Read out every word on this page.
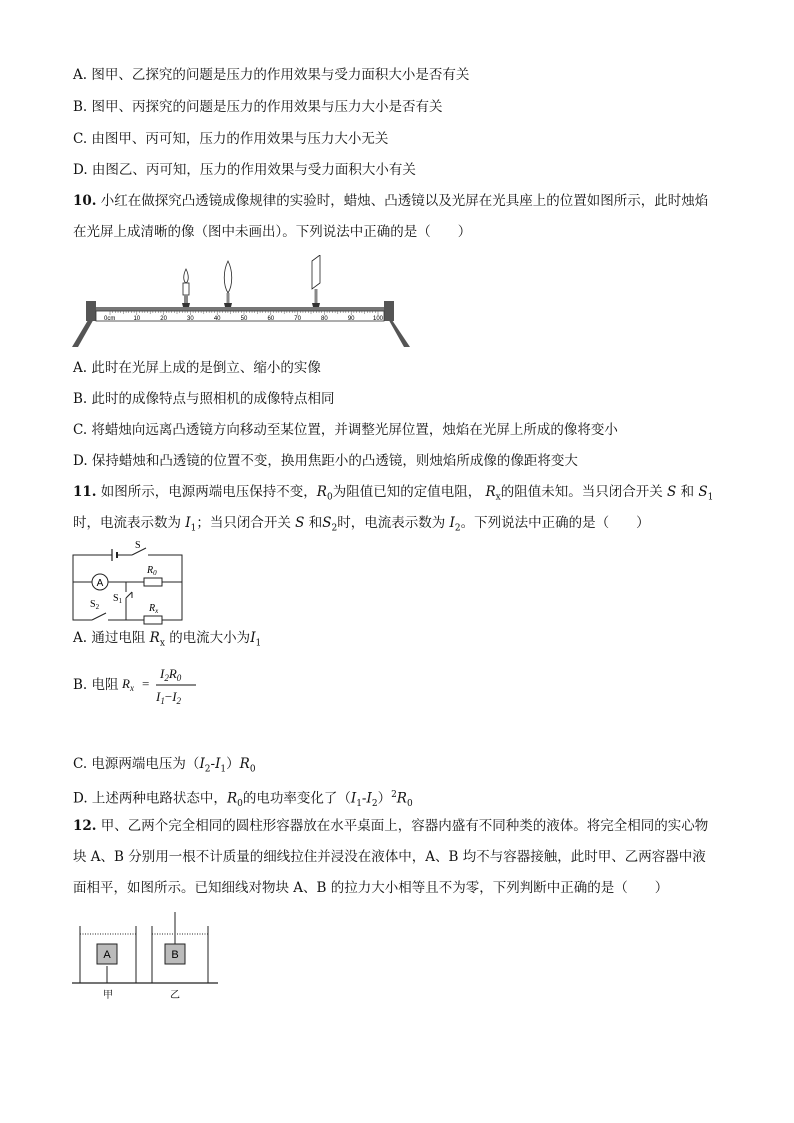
A. 图甲、乙探究的问题是压力的作用效果与受力面积大小是否有关
B. 图甲、丙探究的问题是压力的作用效果与压力大小是否有关
C. 由图甲、丙可知，压力的作用效果与压力大小无关
D. 由图乙、丙可知，压力的作用效果与受力面积大小有关
10. 小红在做探究凸透镜成像规律的实验时，蜡烛、凸透镜以及光屏在光具座上的位置如图所示，此时烛焰
在光屏上成清晰的像（图中未画出）。下列说法中正确的是（　　）
0cm	10	20	30	40	50	60	70	80	90	100
A. 此时在光屏上成的是倒立、缩小的实像
B. 此时的成像特点与照相机的成像特点相同
C. 将蜡烛向远离凸透镜方向移动至某位置，并调整光屏位置，烛焰在光屏上所成的像将变小
D. 保持蜡烛和凸透镜的位置不变，换用焦距小的凸透镜，则烛焰所成像的像距将变大
11. 如图所示，电源两端电压保持不变，$R_0$为阻值已知的定值电阻， $R_x$的阻值未知。当只闭合开关 S 和 $S_1$
时，电流表示数为 $I_1$；当只闭合开关 S 和$S_2$时，电流表示数为 $I_2$。下列说法中正确的是（　　）
A
S
$R_0$
$S_2$
$S_1$
$R_x$
A. 通过电阻 $R_x$ 的电流大小为$I_1$
B. 电阻 $R_x$ =
$I_2R_0$
$I_1-I_2$
C. 电源两端电压为$(I_2-I_1)R_0$
D. 上述两种电路状态中，$R_0$的电功率变化了$(I_1-I_2)^2R_0$
12. 甲、乙两个完全相同的圆柱形容器放在水平桌面上，容器内盛有不同种类的液体。将完全相同的实心物
块 A、B 分别用一根不计质量的细线拉住并浸没在液体中，A、B 均不与容器接触，此时甲、乙两容器中液
面相平，如图所示。已知细线对物块 A、B 的拉力大小相等且不为零，下列判断中正确的是（　　）
A	B
甲	乙
